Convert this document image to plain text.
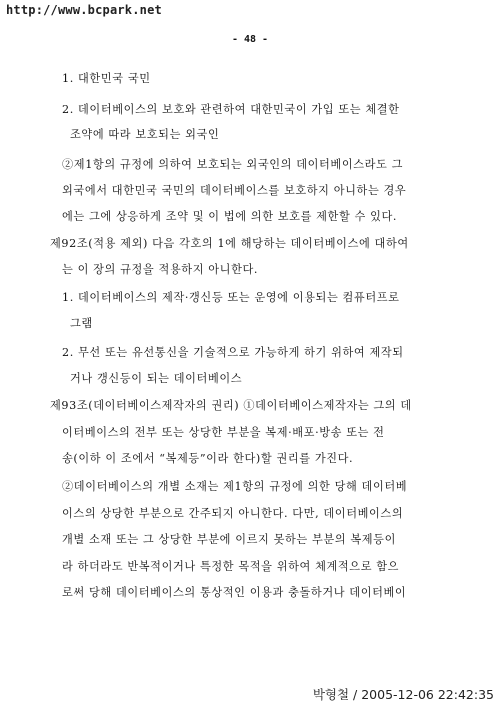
http://www.bcpark.net
- 48 -
1. 대한민국 국민
2. 데이터베이스의 보호와 관련하여 대한민국이 가입 또는 체결한
조약에 따라 보호되는 외국인
②제1항의 규정에 의하여 보호되는 외국인의 데이터베이스라도 그
외국에서 대한민국 국민의 데이터베이스를 보호하지 아니하는 경우
에는 그에 상응하게 조약 및 이 법에 의한 보호를 제한할 수 있다.
제92조(적용 제외) 다음 각호의 1에 해당하는 데이터베이스에 대하여
는 이 장의 규정을 적용하지 아니한다.
1. 데이터베이스의 제작·갱신등 또는 운영에 이용되는 컴퓨터프로
그램
2. 무선 또는 유선통신을 기술적으로 가능하게 하기 위하여 제작되
거나 갱신등이 되는 데이터베이스
제93조(데이터베이스제작자의 권리) ①데이터베이스제작자는 그의 데
이터베이스의 전부 또는 상당한 부분을 복제·배포·방송 또는 전
송(이하 이 조에서 “복제등”이라 한다)할 권리를 가진다.
②데이터베이스의 개별 소재는 제1항의 규정에 의한 당해 데이터베
이스의 상당한 부분으로 간주되지 아니한다. 다만, 데이터베이스의
개별 소재 또는 그 상당한 부분에 이르지 못하는 부분의 복제등이
라 하더라도 반복적이거나 특정한 목적을 위하여 체계적으로 함으
로써 당해 데이터베이스의 통상적인 이용과 충돌하거나 데이터베이
박형철 / 2005-12-06 22:42:35
